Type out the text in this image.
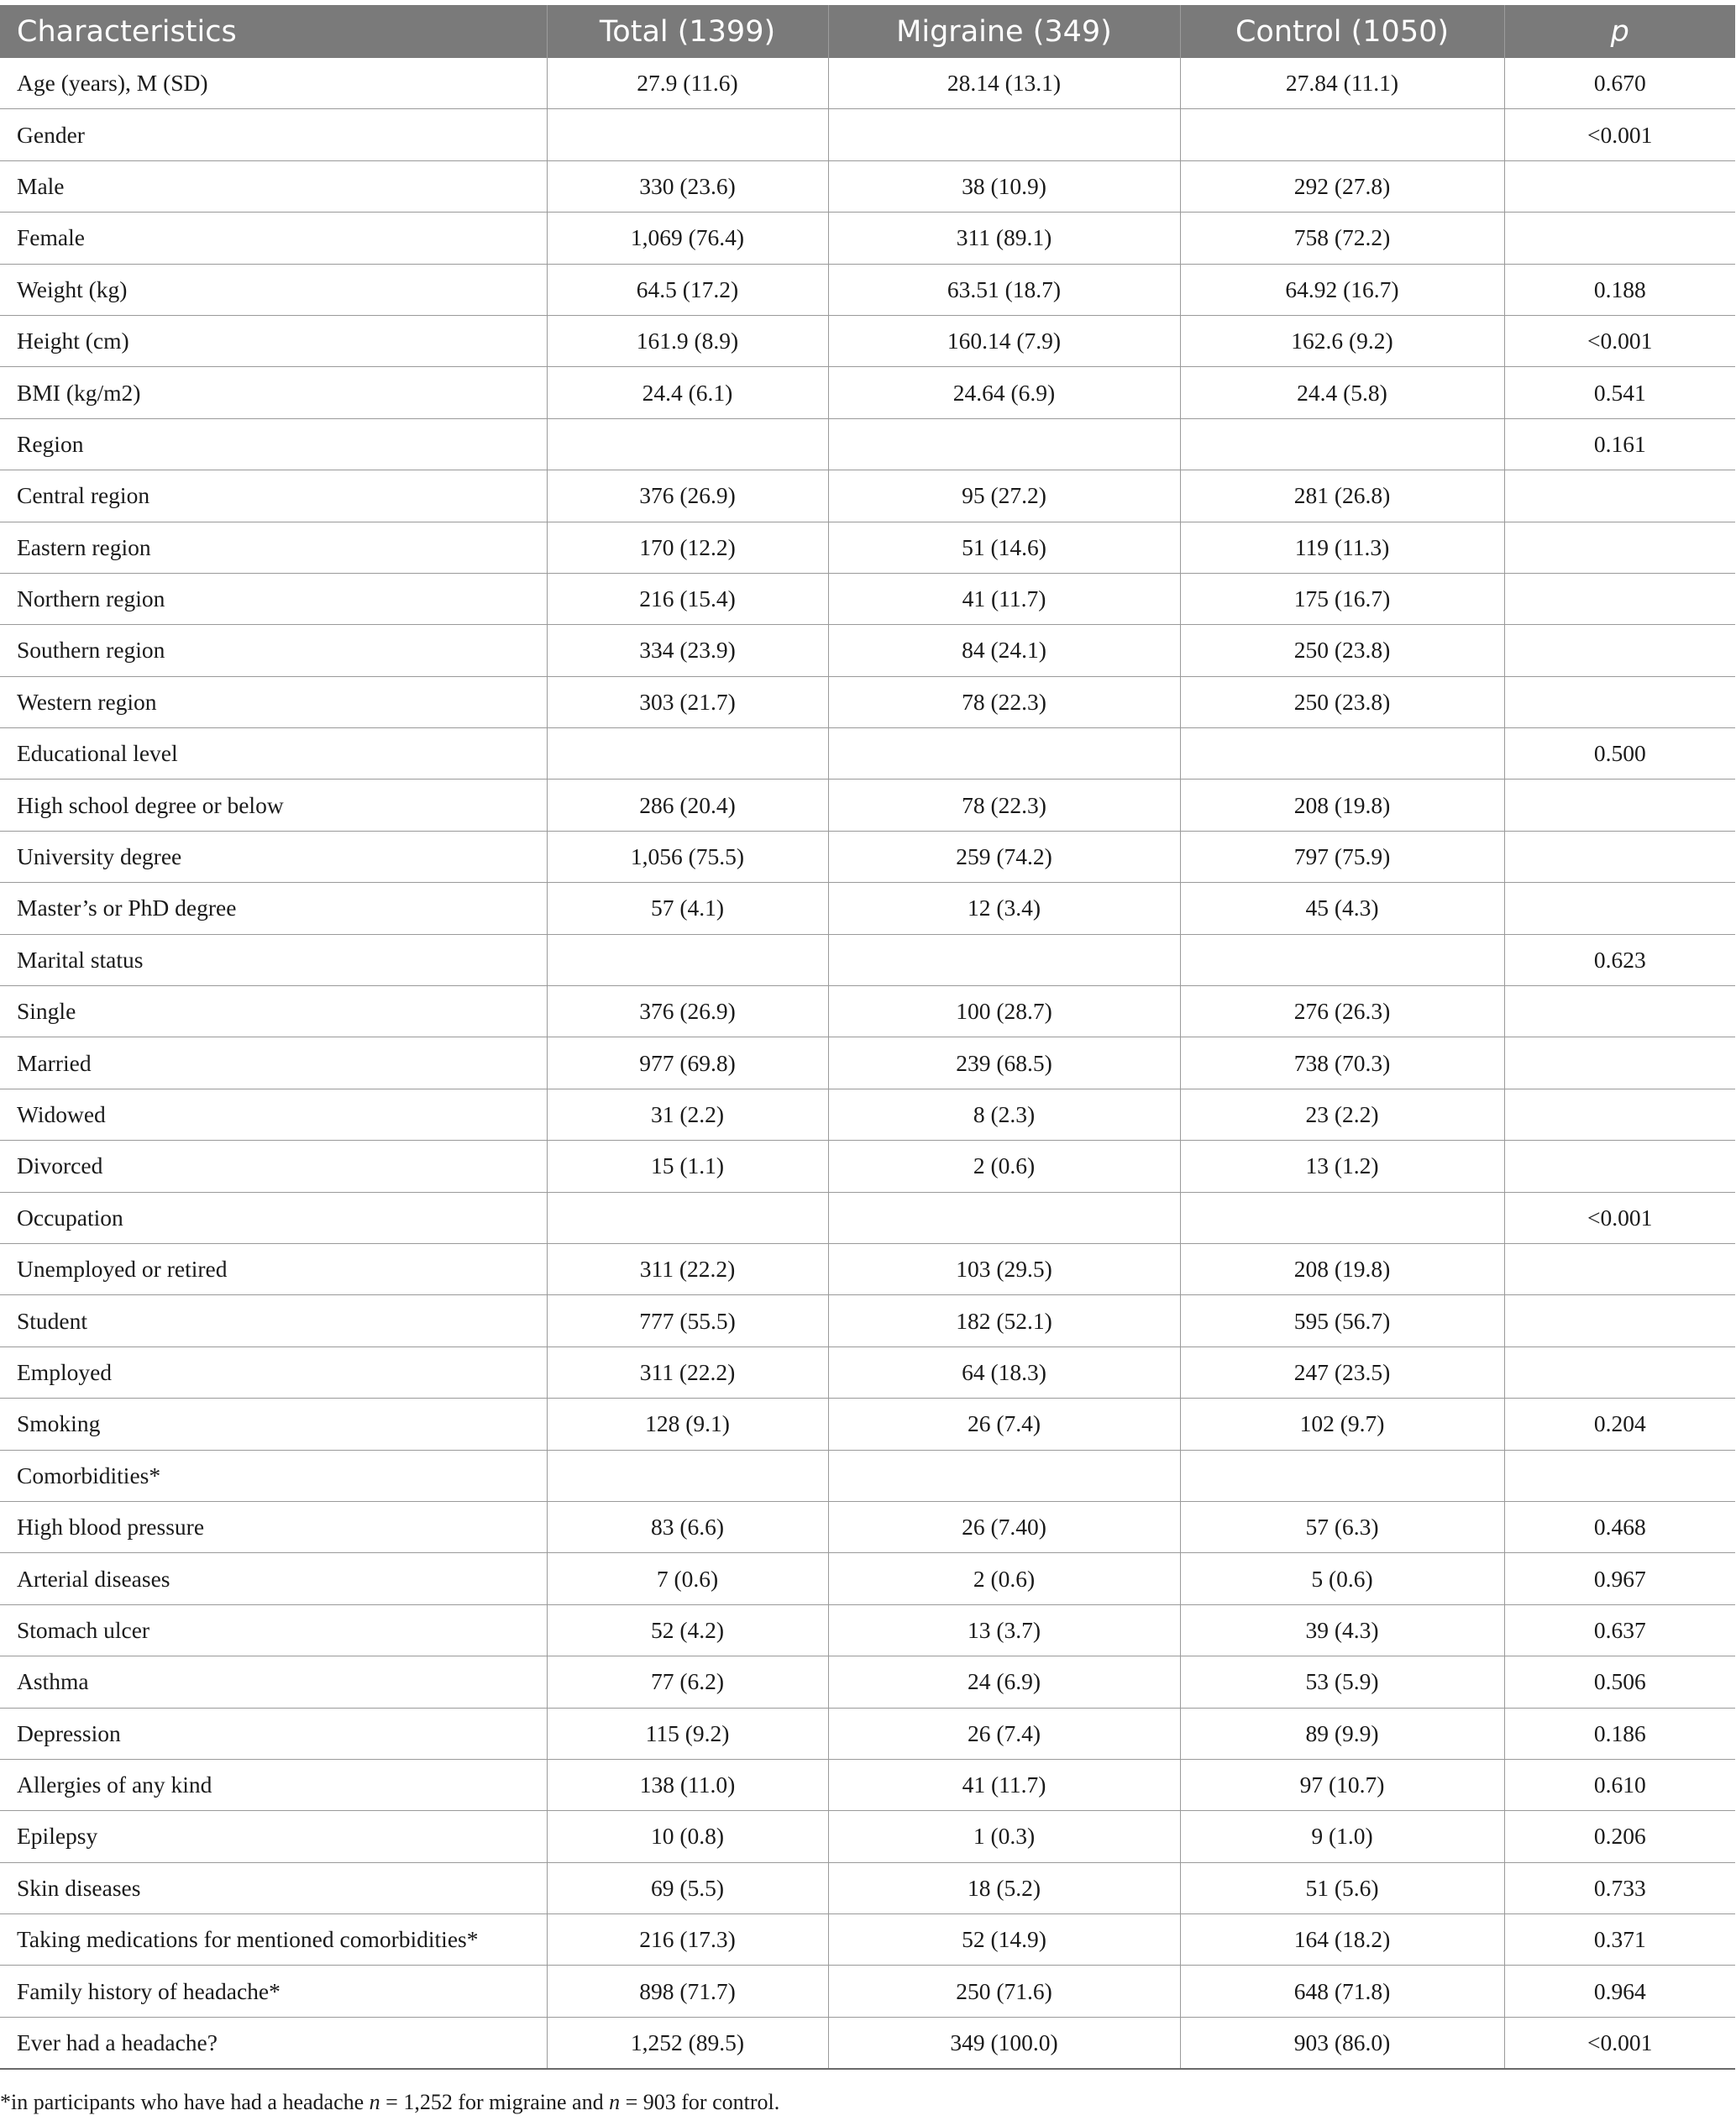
Characteristics	Total (1399)	Migraine (349)	Control (1050)	p
Age (years), M (SD)	27.9 (11.6)	28.14 (13.1)	27.84 (11.1)	0.670
Gender				<0.001
Male	330 (23.6)	38 (10.9)	292 (27.8)	
Female	1,069 (76.4)	311 (89.1)	758 (72.2)	
Weight (kg)	64.5 (17.2)	63.51 (18.7)	64.92 (16.7)	0.188
Height (cm)	161.9 (8.9)	160.14 (7.9)	162.6 (9.2)	<0.001
BMI (kg/m2)	24.4 (6.1)	24.64 (6.9)	24.4 (5.8)	0.541
Region				0.161
Central region	376 (26.9)	95 (27.2)	281 (26.8)	
Eastern region	170 (12.2)	51 (14.6)	119 (11.3)	
Northern region	216 (15.4)	41 (11.7)	175 (16.7)	
Southern region	334 (23.9)	84 (24.1)	250 (23.8)	
Western region	303 (21.7)	78 (22.3)	250 (23.8)	
Educational level				0.500
High school degree or below	286 (20.4)	78 (22.3)	208 (19.8)	
University degree	1,056 (75.5)	259 (74.2)	797 (75.9)	
Master’s or PhD degree	57 (4.1)	12 (3.4)	45 (4.3)	
Marital status				0.623
Single	376 (26.9)	100 (28.7)	276 (26.3)	
Married	977 (69.8)	239 (68.5)	738 (70.3)	
Widowed	31 (2.2)	8 (2.3)	23 (2.2)	
Divorced	15 (1.1)	2 (0.6)	13 (1.2)	
Occupation				<0.001
Unemployed or retired	311 (22.2)	103 (29.5)	208 (19.8)	
Student	777 (55.5)	182 (52.1)	595 (56.7)	
Employed	311 (22.2)	64 (18.3)	247 (23.5)	
Smoking	128 (9.1)	26 (7.4)	102 (9.7)	0.204
Comorbidities*				
High blood pressure	83 (6.6)	26 (7.40)	57 (6.3)	0.468
Arterial diseases	7 (0.6)	2 (0.6)	5 (0.6)	0.967
Stomach ulcer	52 (4.2)	13 (3.7)	39 (4.3)	0.637
Asthma	77 (6.2)	24 (6.9)	53 (5.9)	0.506
Depression	115 (9.2)	26 (7.4)	89 (9.9)	0.186
Allergies of any kind	138 (11.0)	41 (11.7)	97 (10.7)	0.610
Epilepsy	10 (0.8)	1 (0.3)	9 (1.0)	0.206
Skin diseases	69 (5.5)	18 (5.2)	51 (5.6)	0.733
Taking medications for mentioned comorbidities*	216 (17.3)	52 (14.9)	164 (18.2)	0.371
Family history of headache*	898 (71.7)	250 (71.6)	648 (71.8)	0.964
Ever had a headache?	1,252 (89.5)	349 (100.0)	903 (86.0)	<0.001
*in participants who have had a headache n = 1,252 for migraine and n = 903 for control.
